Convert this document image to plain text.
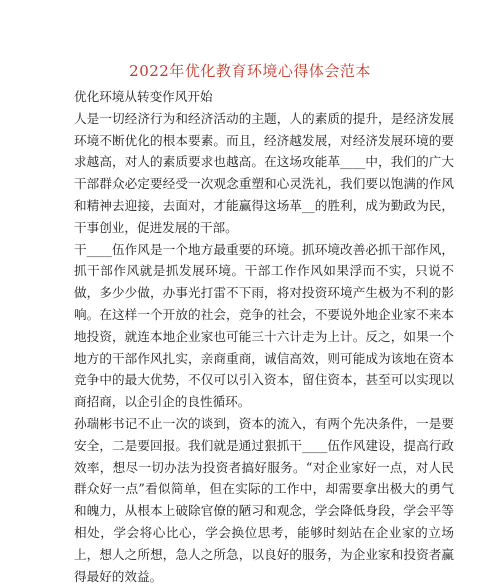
2022年优化教育环境心得体会范本

优化环境从转变作风开始

人是一切经济行为和经济活动的主题，人的素质的提升，是经济发展环境不断优化的根本要素。而且，经济越发展，对经济发展环境的要求越高，对人的素质要求也越高。在这场攻能革____中，我们的广大干部群众必定要经受一次观念重塑和心灵洗礼，我们要以饱满的作风和精神去迎接，去面对，才能赢得这场革__的胜利，成为勤政为民，干事创业，促进发展的干部。

干____伍作风是一个地方最重要的环境。抓环境改善必抓干部作风，抓干部作风就是抓发展环境。干部工作作风如果浮而不实，只说不做，多少少做，办事光打雷不下雨，将对投资环境产生极为不利的影响。在这样一个开放的社会，竞争的社会，不要说外地企业家不来本地投资，就连本地企业家也可能三十六计走为上计。反之，如果一个地方的干部作风扎实，亲商重商，诚信高效，则可能成为该地在资本竞争中的最大优势，不仅可以引入资本，留住资本，甚至可以实现以商招商，以企引企的良性循环。

孙瑞彬书记不止一次的谈到，资本的流入，有两个先决条件，一是要安全，二是要回报。我们就是通过狠抓干____伍作风建设，提高行政效率，想尽一切办法为投资者搞好服务。“对企业家好一点，对人民群众好一点”看似简单，但在实际的工作中，却需要拿出极大的勇气和魄力，从根本上破除官僚的陋习和观念，学会降低身段，学会平等相处，学会将心比心，学会换位思考，能够时刻站在企业家的立场上，想人之所想，急人之所急，以良好的服务，为企业家和投资者赢得最好的效益。
